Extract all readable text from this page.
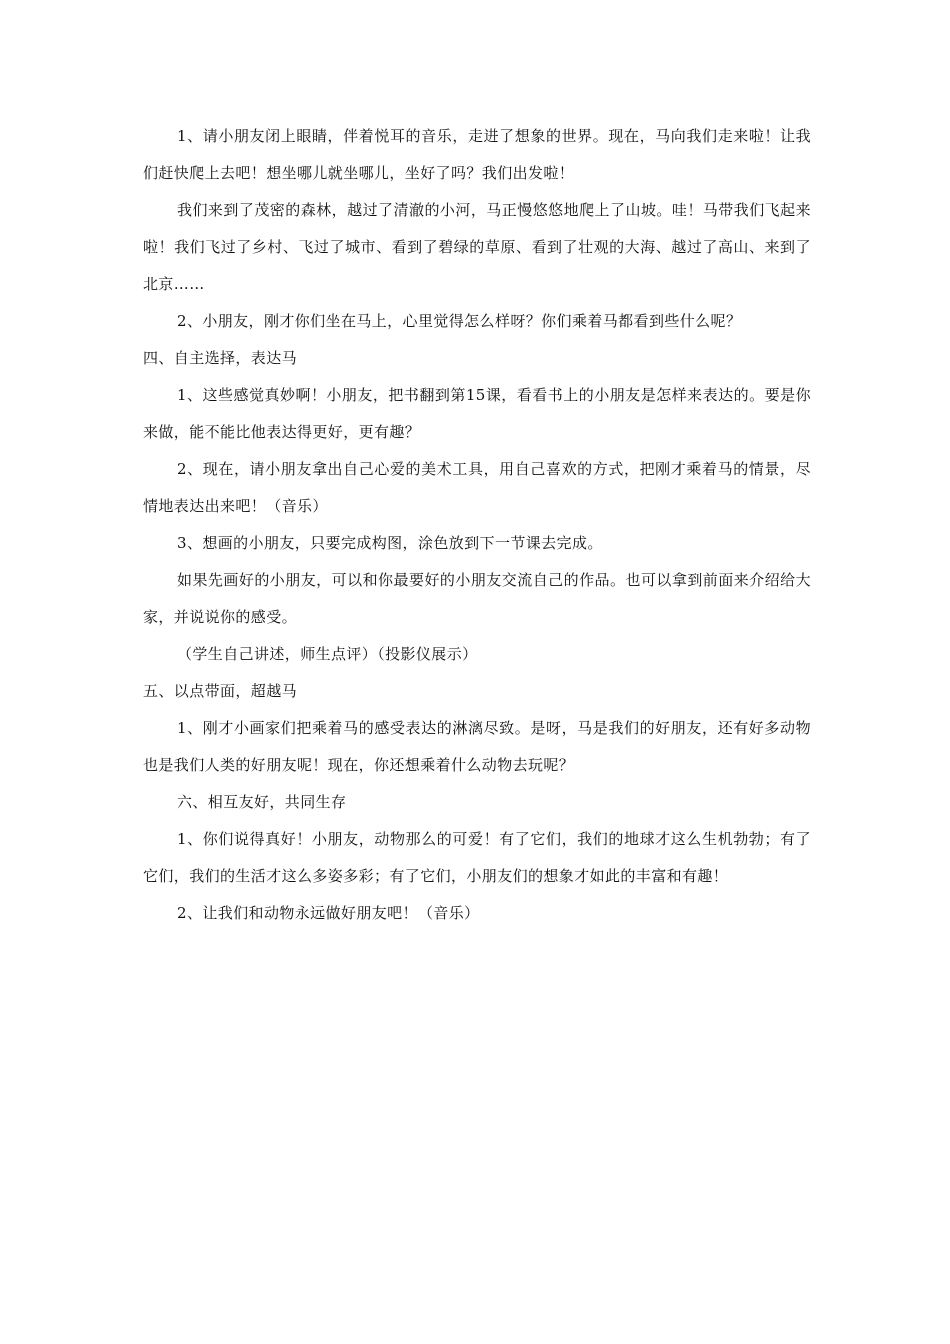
1、请小朋友闭上眼睛，伴着悦耳的音乐，走进了想象的世界。现在，马向我们走来啦！让我们赶快爬上去吧！想坐哪儿就坐哪儿，坐好了吗？我们出发啦！

我们来到了茂密的森林，越过了清澈的小河，马正慢悠悠地爬上了山坡。哇！马带我们飞起来啦！我们飞过了乡村、飞过了城市、看到了碧绿的草原、看到了壮观的大海、越过了高山、来到了北京……

2、小朋友，刚才你们坐在马上，心里觉得怎么样呀？你们乘着马都看到些什么呢？

四、自主选择，表达马

1、这些感觉真妙啊！小朋友，把书翻到第15课，看看书上的小朋友是怎样来表达的。要是你来做，能不能比他表达得更好，更有趣？

2、现在，请小朋友拿出自己心爱的美术工具，用自己喜欢的方式，把刚才乘着马的情景，尽情地表达出来吧！（音乐）

3、想画的小朋友，只要完成构图，涂色放到下一节课去完成。

如果先画好的小朋友，可以和你最要好的小朋友交流自己的作品。也可以拿到前面来介绍给大家，并说说你的感受。

（学生自己讲述，师生点评）（投影仪展示）

五、以点带面，超越马

1、刚才小画家们把乘着马的感受表达的淋漓尽致。是呀，马是我们的好朋友，还有好多动物也是我们人类的好朋友呢！现在，你还想乘着什么动物去玩呢？

六、相互友好，共同生存

1、你们说得真好！小朋友，动物那么的可爱！有了它们，我们的地球才这么生机勃勃；有了它们，我们的生活才这么多姿多彩；有了它们，小朋友们的想象才如此的丰富和有趣！

2、让我们和动物永远做好朋友吧！（音乐）
